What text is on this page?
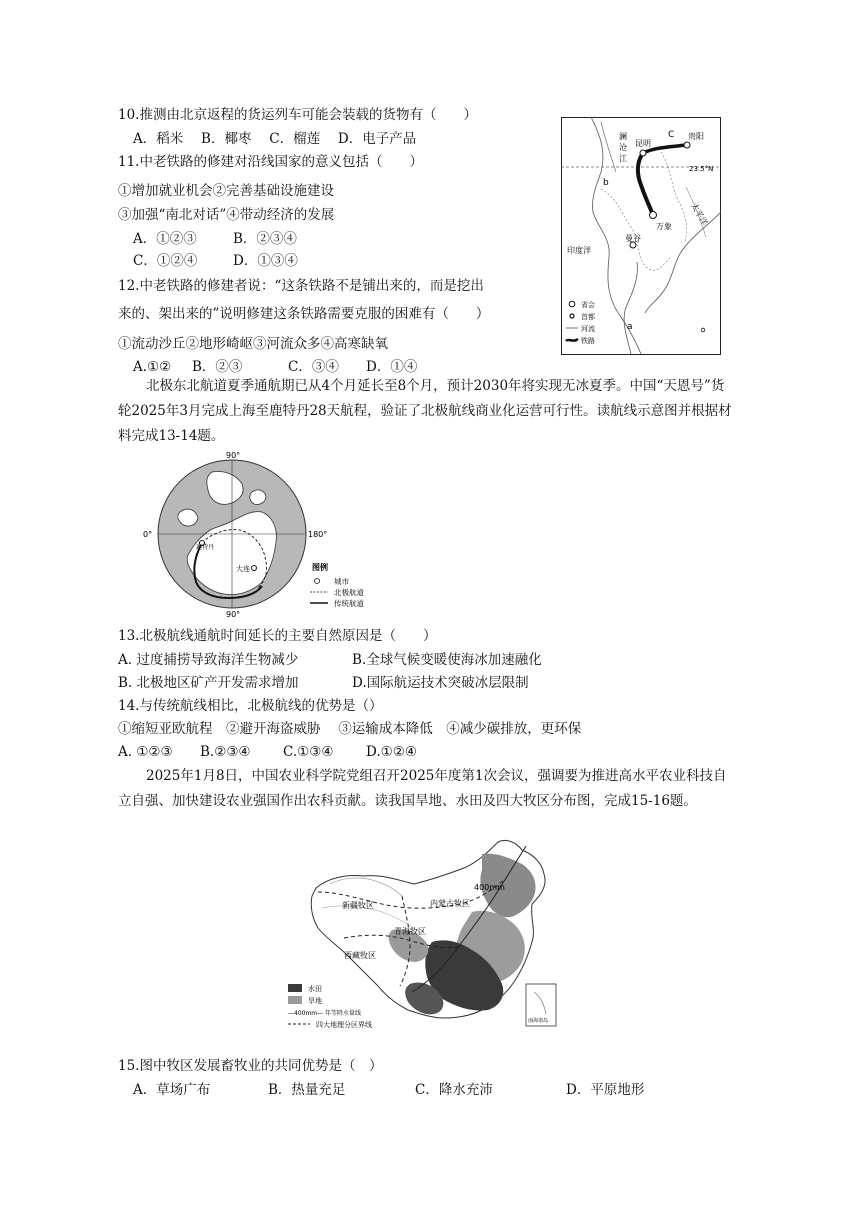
10.推测由北京返程的货运列车可能会装载的货物有（　　）
A．稻米　 B．椰枣　 C．榴莲　 D．电子产品
11.中老铁路的修建对沿线国家的意义包括（　　）
①增加就业机会②完善基础设施建设
③加强“南北对话”④带动经济的发展
A．①②③	B．②③④
C．①②④	D．①③④
12.中老铁路的修建者说：“这条铁路不是铺出来的，而是挖出
来的、架出来的”说明修建这条铁路需要克服的困难有（　　）
①流动沙丘②地形崎岖③河流众多④高寒缺氧
A.①② B．②③	C．③④ D．①④
C 贵阳
昆明
澜
沧
江
23.5°N
b
万象
曼谷
太平洋
印度洋
a
省会
首都
河流
铁路
北极东北航道夏季通航期已从4个月延长至8个月，预计2030年将实现无冰夏季。中国“天恩号”货轮2025年3月完成上海至鹿特丹28天航程，验证了北极航线商业化运营可行性。读航线示意图并根据材料完成13-14题。
90°
0°	180°
90°
鹿特丹
大连	图例
城市
北极航道
传统航道
13.北极航线通航时间延长的主要自然原因是（　　）
A. 过度捕捞导致海洋生物减少	B.全球气候变暖使海冰加速融化
B. 北极地区矿产开发需求增加	D.国际航运技术突破冰层限制
14.与传统航线相比，北极航线的优势是（）
①缩短亚欧航程　②避开海盗威胁　 ③运输成本降低　④减少碳排放，更环保
A. ①②③ B.②③④ C.①③④ D.①②④
2025年1月8日，中国农业科学院党组召开2025年度第1次会议，强调要为推进高水平农业科技自立自强、加快建设农业强国作出农科贡献。读我国旱地、水田及四大牧区分布图，完成15-16题。
南海诸岛
400mm
新疆牧区	内蒙古牧区
青海牧区
西藏牧区
水田
旱地
—400mm— 年等降水量线
四大地理分区界线
15.图中牧区发展畜牧业的共同优势是（　）
A．草场广布	B．热量充足	C．降水充沛	D．平原地形
